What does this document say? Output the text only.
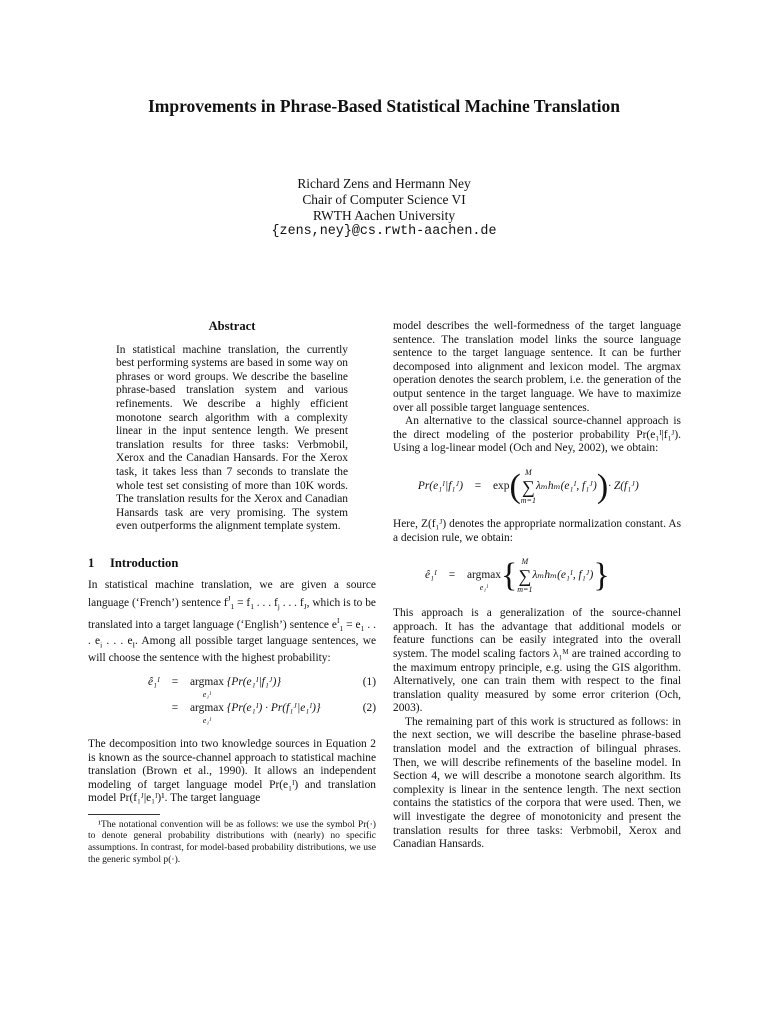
Improvements in Phrase-Based Statistical Machine Translation
Richard Zens and Hermann Ney
Chair of Computer Science VI
RWTH Aachen University
{zens,ney}@cs.rwth-aachen.de
Abstract

In statistical machine translation, the currently best performing systems are based in some way on phrases or word groups. We describe the baseline phrase-based translation system and various refinements. We describe a highly efficient monotone search algorithm with a complexity linear in the input sentence length. We present translation results for three tasks: Verbmobil, Xerox and the Canadian Hansards. For the Xerox task, it takes less than 7 seconds to translate the whole test set consisting of more than 10K words. The translation results for the Xerox and Canadian Hansards task are very promising. The system even outperforms the alignment template system.

1 Introduction

In statistical machine translation, we are given a source language (‘French’) sentence $f^J_1 = f_1$ . . . $f_j$ . . . $f_J$, which is to be translated into a target language (‘English’) sentence $e^I_1 = e_1$ . . . $e_i$ . . . $e_I$. Among all possible target language sentences, we will choose the sentence with the highest probability:

ê₁ᴵ	=	argmax
e₁ᴵ
{Pr(e₁ᴵ|f₁ᴶ)}	(1)
=	argmax
e₁ᴵ
{Pr(e₁ᴵ) · Pr(f₁ᴶ|e₁ᴵ)}	(2)

The decomposition into two knowledge sources in Equation 2 is known as the source-channel approach to statistical machine translation (Brown et al., 1990). It allows an independent modeling of target language model Pr(e₁ᴵ) and translation model Pr(f₁ᴶ|e₁ᴵ)¹. The target language

¹The notational convention will be as follows: we use the symbol Pr(·) to denote general probability distributions with (nearly) no specific assumptions. In contrast, for model-based probability distributions, we use the generic symbol p(·).

model describes the well-formedness of the target language sentence. The translation model links the source language sentence to the target language sentence. It can be further decomposed into alignment and lexicon model. The argmax operation denotes the search problem, i.e. the generation of the output sentence in the target language. We have to maximize over all possible target language sentences.

An alternative to the classical source-channel approach is the direct modeling of the posterior probability Pr(e₁ᴵ|f₁ᴶ). Using a log-linear model (Och and Ney, 2002), we obtain:

Pr(e₁ᴵ|f₁ᴶ)	=	exp ( M
∑
m=1
λₘhₘ(e₁ᴵ, f₁ᴶ) ) · Z(f₁ᴶ)

Here, Z(f₁ᴶ) denotes the appropriate normalization constant. As a decision rule, we obtain:

ê₁ᴵ	=	argmax
e₁ᴵ { M
∑
m=1
λₘhₘ(e₁ᴵ, f₁ᴶ) }

This approach is a generalization of the source-channel approach. It has the advantage that additional models or feature functions can be easily integrated into the overall system. The model scaling factors λ₁ᴹ are trained according to the maximum entropy principle, e.g. using the GIS algorithm. Alternatively, one can train them with respect to the final translation quality measured by some error criterion (Och, 2003).

The remaining part of this work is structured as follows: in the next section, we will describe the baseline phrase-based translation model and the extraction of bilingual phrases. Then, we will describe refinements of the baseline model. In Section 4, we will describe a monotone search algorithm. Its complexity is linear in the sentence length. The next section contains the statistics of the corpora that were used. Then, we will investigate the degree of monotonicity and present the translation results for three tasks: Verbmobil, Xerox and Canadian Hansards.
